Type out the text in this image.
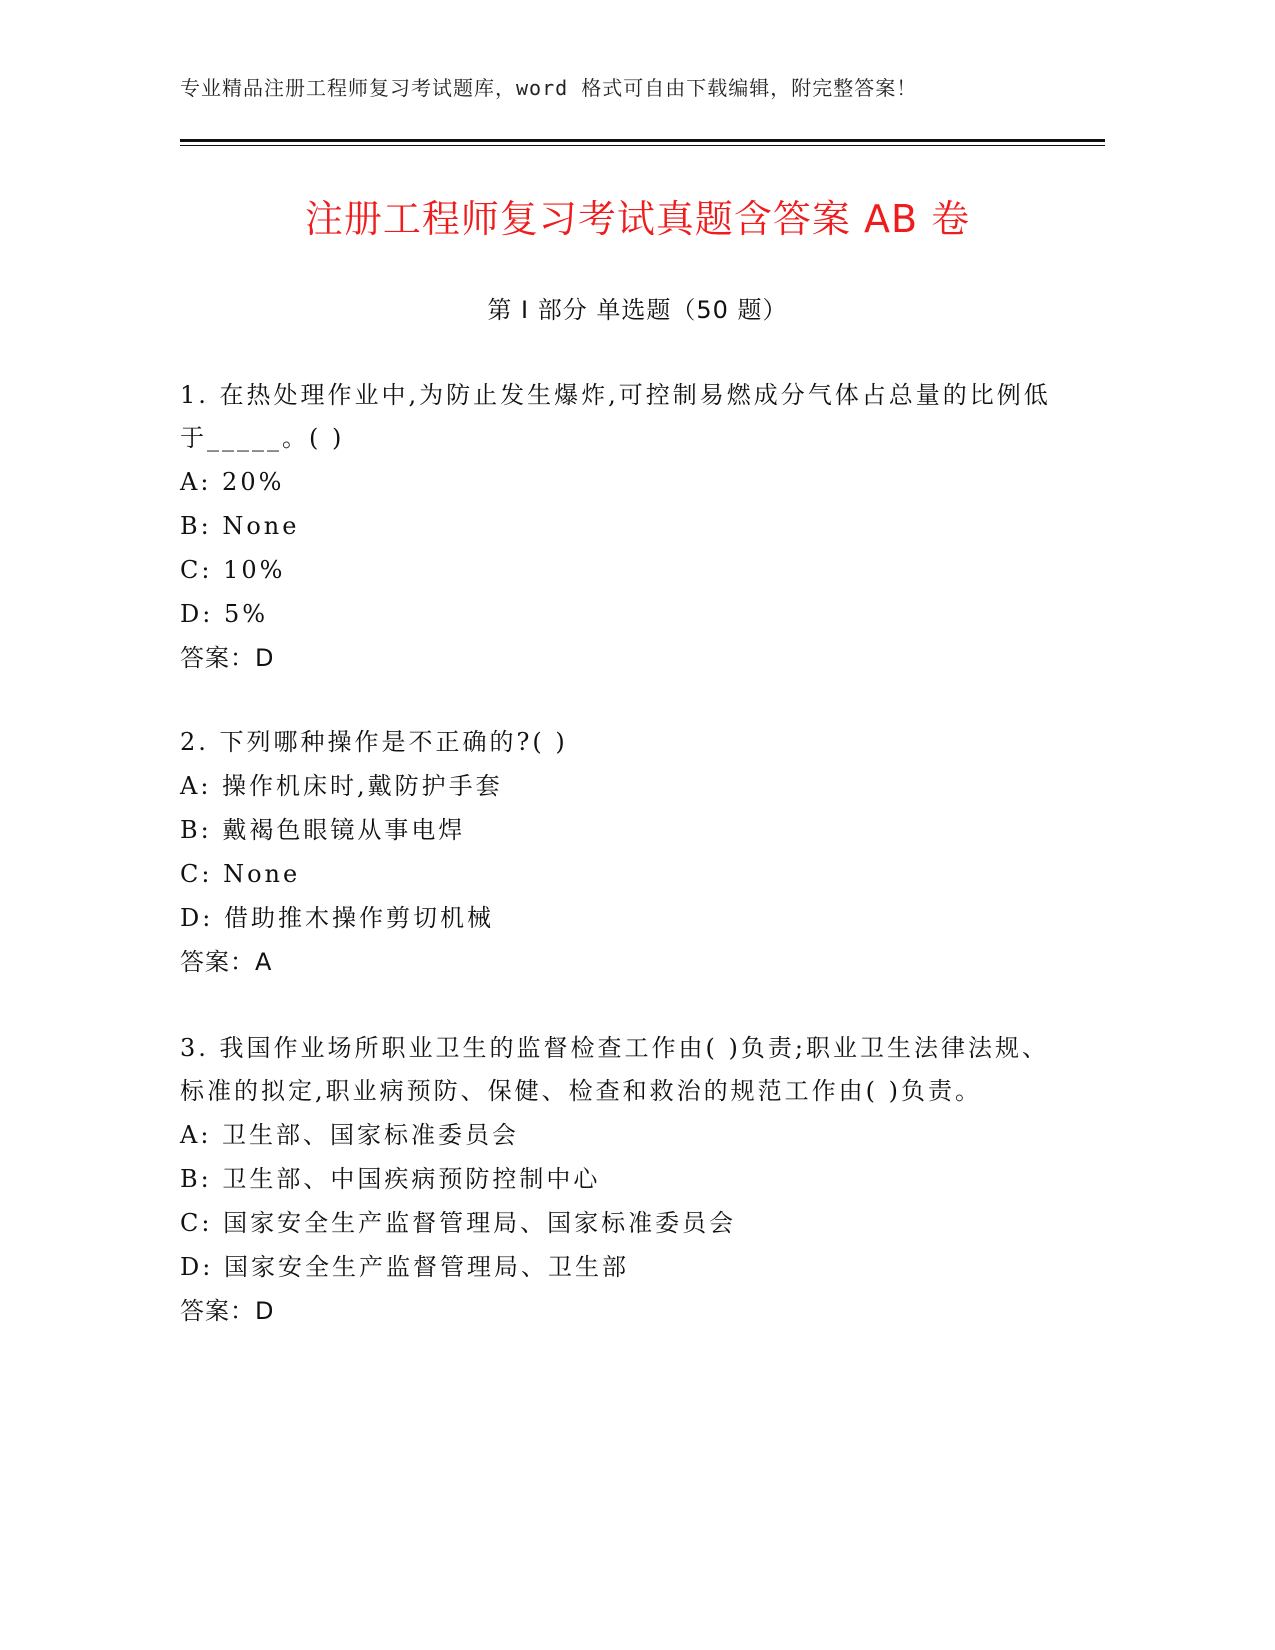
专业精品注册工程师复习考试题库，word 格式可自由下载编辑，附完整答案！
注册工程师复习考试真题含答案 AB 卷
第 I 部分 单选题（50 题）

1. 在热处理作业中,为防止发生爆炸,可控制易燃成分气体占总量的比例低于_____。( )

A: 20%

B: None

C: 10%

D: 5%

答案：D

2. 下列哪种操作是不正确的?( )

A: 操作机床时,戴防护手套

B: 戴褐色眼镜从事电焊

C: None

D: 借助推木操作剪切机械

答案：A

3. 我国作业场所职业卫生的监督检查工作由( )负责;职业卫生法律法规、标准的拟定,职业病预防、保健、检查和救治的规范工作由( )负责。

A: 卫生部、国家标准委员会

B: 卫生部、中国疾病预防控制中心

C: 国家安全生产监督管理局、国家标准委员会

D: 国家安全生产监督管理局、卫生部

答案：D
